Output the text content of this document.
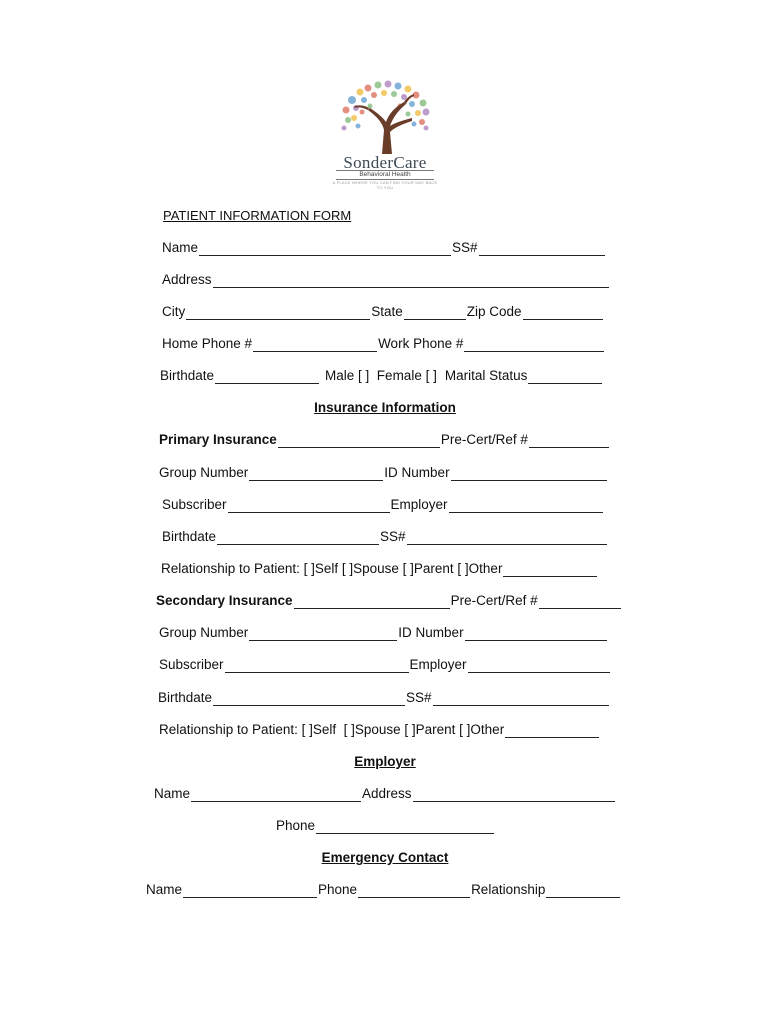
SonderCare
Behavioral Health
A PLACE WHERE YOU CAN FIND YOUR WAY BACK TO YOU
PATIENT INFORMATION FORM
Name	SS#
Address
City	State	Zip Code
Home Phone #	Work Phone #
Birthdate	Male [ ]  Female [ ] Marital Status
Insurance Information
Primary Insurance	Pre-Cert/Ref #
Group Number	ID Number
Subscriber	Employer
Birthdate	SS#
Relationship to Patient: [ ]Self [ ]Spouse [ ]Parent [ ]Other
Secondary Insurance	Pre-Cert/Ref #
Group Number	ID Number
Subscriber	Employer
Birthdate	SS#
Relationship to Patient: [ ]Self  [ ]Spouse [ ]Parent [ ]Other
Employer
Name	Address
Phone
Emergency Contact
Name	Phone	Relationship
